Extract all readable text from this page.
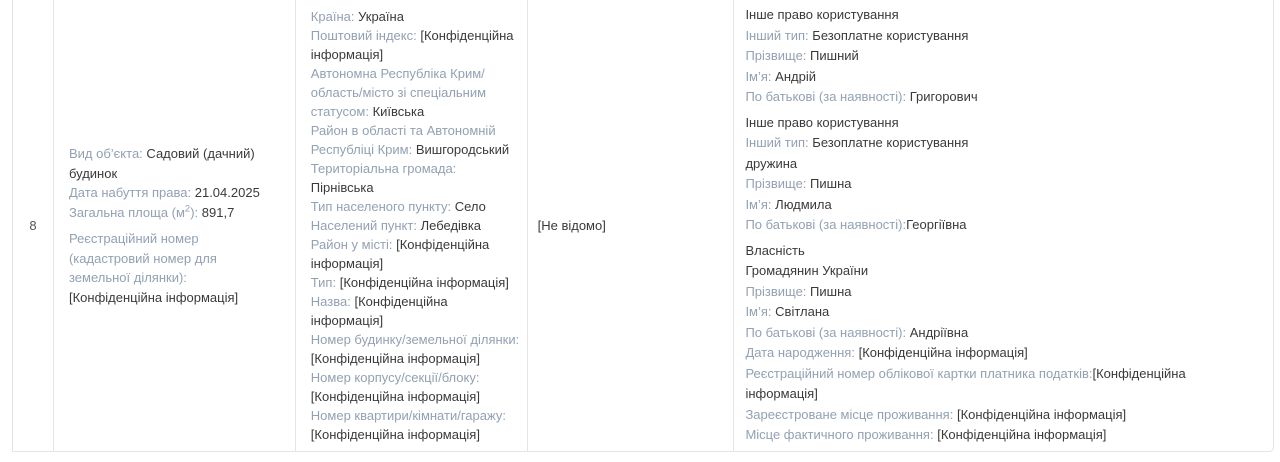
8
Вид об’єкта: Садовий (дачний) будинок
Дата набуття права: 21.04.2025
Загальна площа $(м^2)$: 891,7
Реєстраційний номер (кадастровий номер для земельної ділянки): [Конфіденційна інформація]
Країна: Україна
Поштовий індекс: [Конфіденційна інформація]
Автономна Республіка Крим/область/місто зі спеціальним статусом: Київська
Район в області та Автономній Республіці Крим: Вишгородський
Територіальна громада: Пірнівська
Тип населеного пункту: Село
Населений пункт: Лебедівка
Район у місті: [Конфіденційна інформація]
Тип: [Конфіденційна інформація]
Назва: [Конфіденційна інформація]
Номер будинку/земельної ділянки: [Конфіденційна інформація]
Номер корпусу/секції/блоку: [Конфіденційна інформація]
Номер квартири/кімнати/гаражу: [Конфіденційна інформація]
[Не відомо]
Інше право користування
Інший тип: Безоплатне користування
Прізвище: Пишний
Ім’я: Андрій
По батькові (за наявності): Григорович
Інше право користування
Інший тип: Безоплатне користування
дружина
Прізвище: Пишна
Ім’я: Людмила
По батькові (за наявності):Георгіївна
Власність
Громадянин України
Прізвище: Пишна
Ім’я: Світлана
По батькові (за наявності): Андріївна
Дата народження: [Конфіденційна інформація]
Реєстраційний номер облікової картки платника податків:[Конфіденційна інформація]
Зареєстроване місце проживання: [Конфіденційна інформація]
Місце фактичного проживання: [Конфіденційна інформація]
